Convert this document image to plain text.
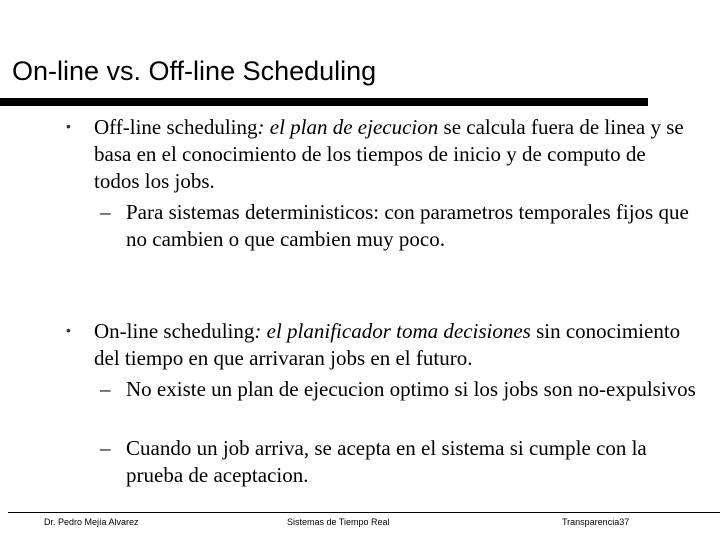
On-line vs. Off-line Scheduling
• Off-line scheduling: el plan de ejecucion se calcula fuera de linea y se basa en el conocimiento de los tiempos de inicio y de computo de todos los jobs.
– Para sistemas deterministicos: con parametros temporales fijos que no cambien o que cambien muy poco.
• On-line scheduling: el planificador toma decisiones sin conocimiento del tiempo en que arrivaran jobs en el futuro.
– No existe un plan de ejecucion optimo si los jobs son no-expulsivos
– Cuando un job arriva, se acepta en el sistema si cumple con la prueba de aceptacion.
Dr. Pedro Mejía Alvarez	Sistemas de Tiempo Real	Transparencia37
